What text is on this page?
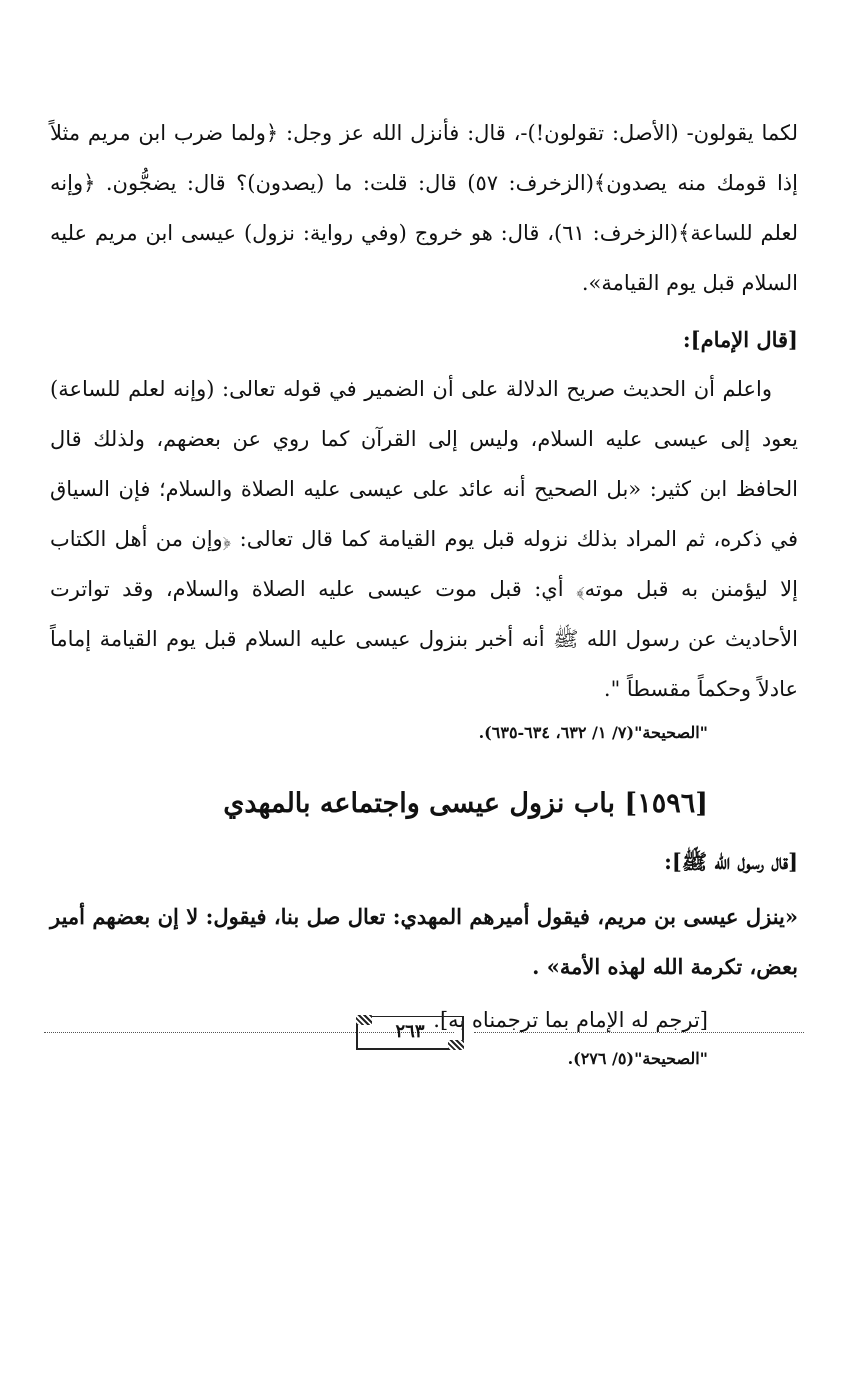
لكما يقولون- (الأصل: تقولون!)-، قال: فأنزل الله عز وجل: ﴿ولما ضرب ابن مريم مثلاً إذا قومك منه يصدون﴾(الزخرف: ٥٧) قال: قلت: ما (يصدون)؟ قال: يضجُّون. ﴿وإنه لعلم للساعة﴾(الزخرف: ٦١)، قال: هو خروج (وفي رواية: نزول) عيسى ابن مريم عليه السلام قبل يوم القيامة».

[قال الإمام]:

واعلم أن الحديث صريح الدلالة على أن الضمير في قوله تعالى: (وإنه لعلم للساعة) يعود إلى عيسى عليه السلام، وليس إلى القرآن كما روي عن بعضهم، ولذلك قال الحافظ ابن كثير: «بل الصحيح أنه عائد على عيسى عليه الصلاة والسلام؛ فإن السياق في ذكره، ثم المراد بذلك نزوله قبل يوم القيامة كما قال تعالى: ﴿وإن من أهل الكتاب إلا ليؤمنن به قبل موته﴾ أي: قبل موت عيسى عليه الصلاة والسلام، وقد تواترت الأحاديث عن رسول الله ﷺ أنه أخبر بنزول عيسى عليه السلام قبل يوم القيامة إماماً عادلاً وحكماً مقسطاً ".

"الصحيحة"(٧/ ١/ ٦٣٢، ٦٣٤-٦٣٥).

[١٥٩٦] باب نزول عيسى واجتماعه بالمهدي

[قال رسول الله ﷺ]:

«ينزل عيسى بن مريم، فيقول أميرهم المهدي: تعال صل بنا، فيقول: لا إن بعضهم أمير بعض، تكرمة الله لهذه الأمة» .

[ترجم له الإمام بما ترجمناه به].

"الصحيحة"(٥/ ٢٧٦).

٢٦٣
